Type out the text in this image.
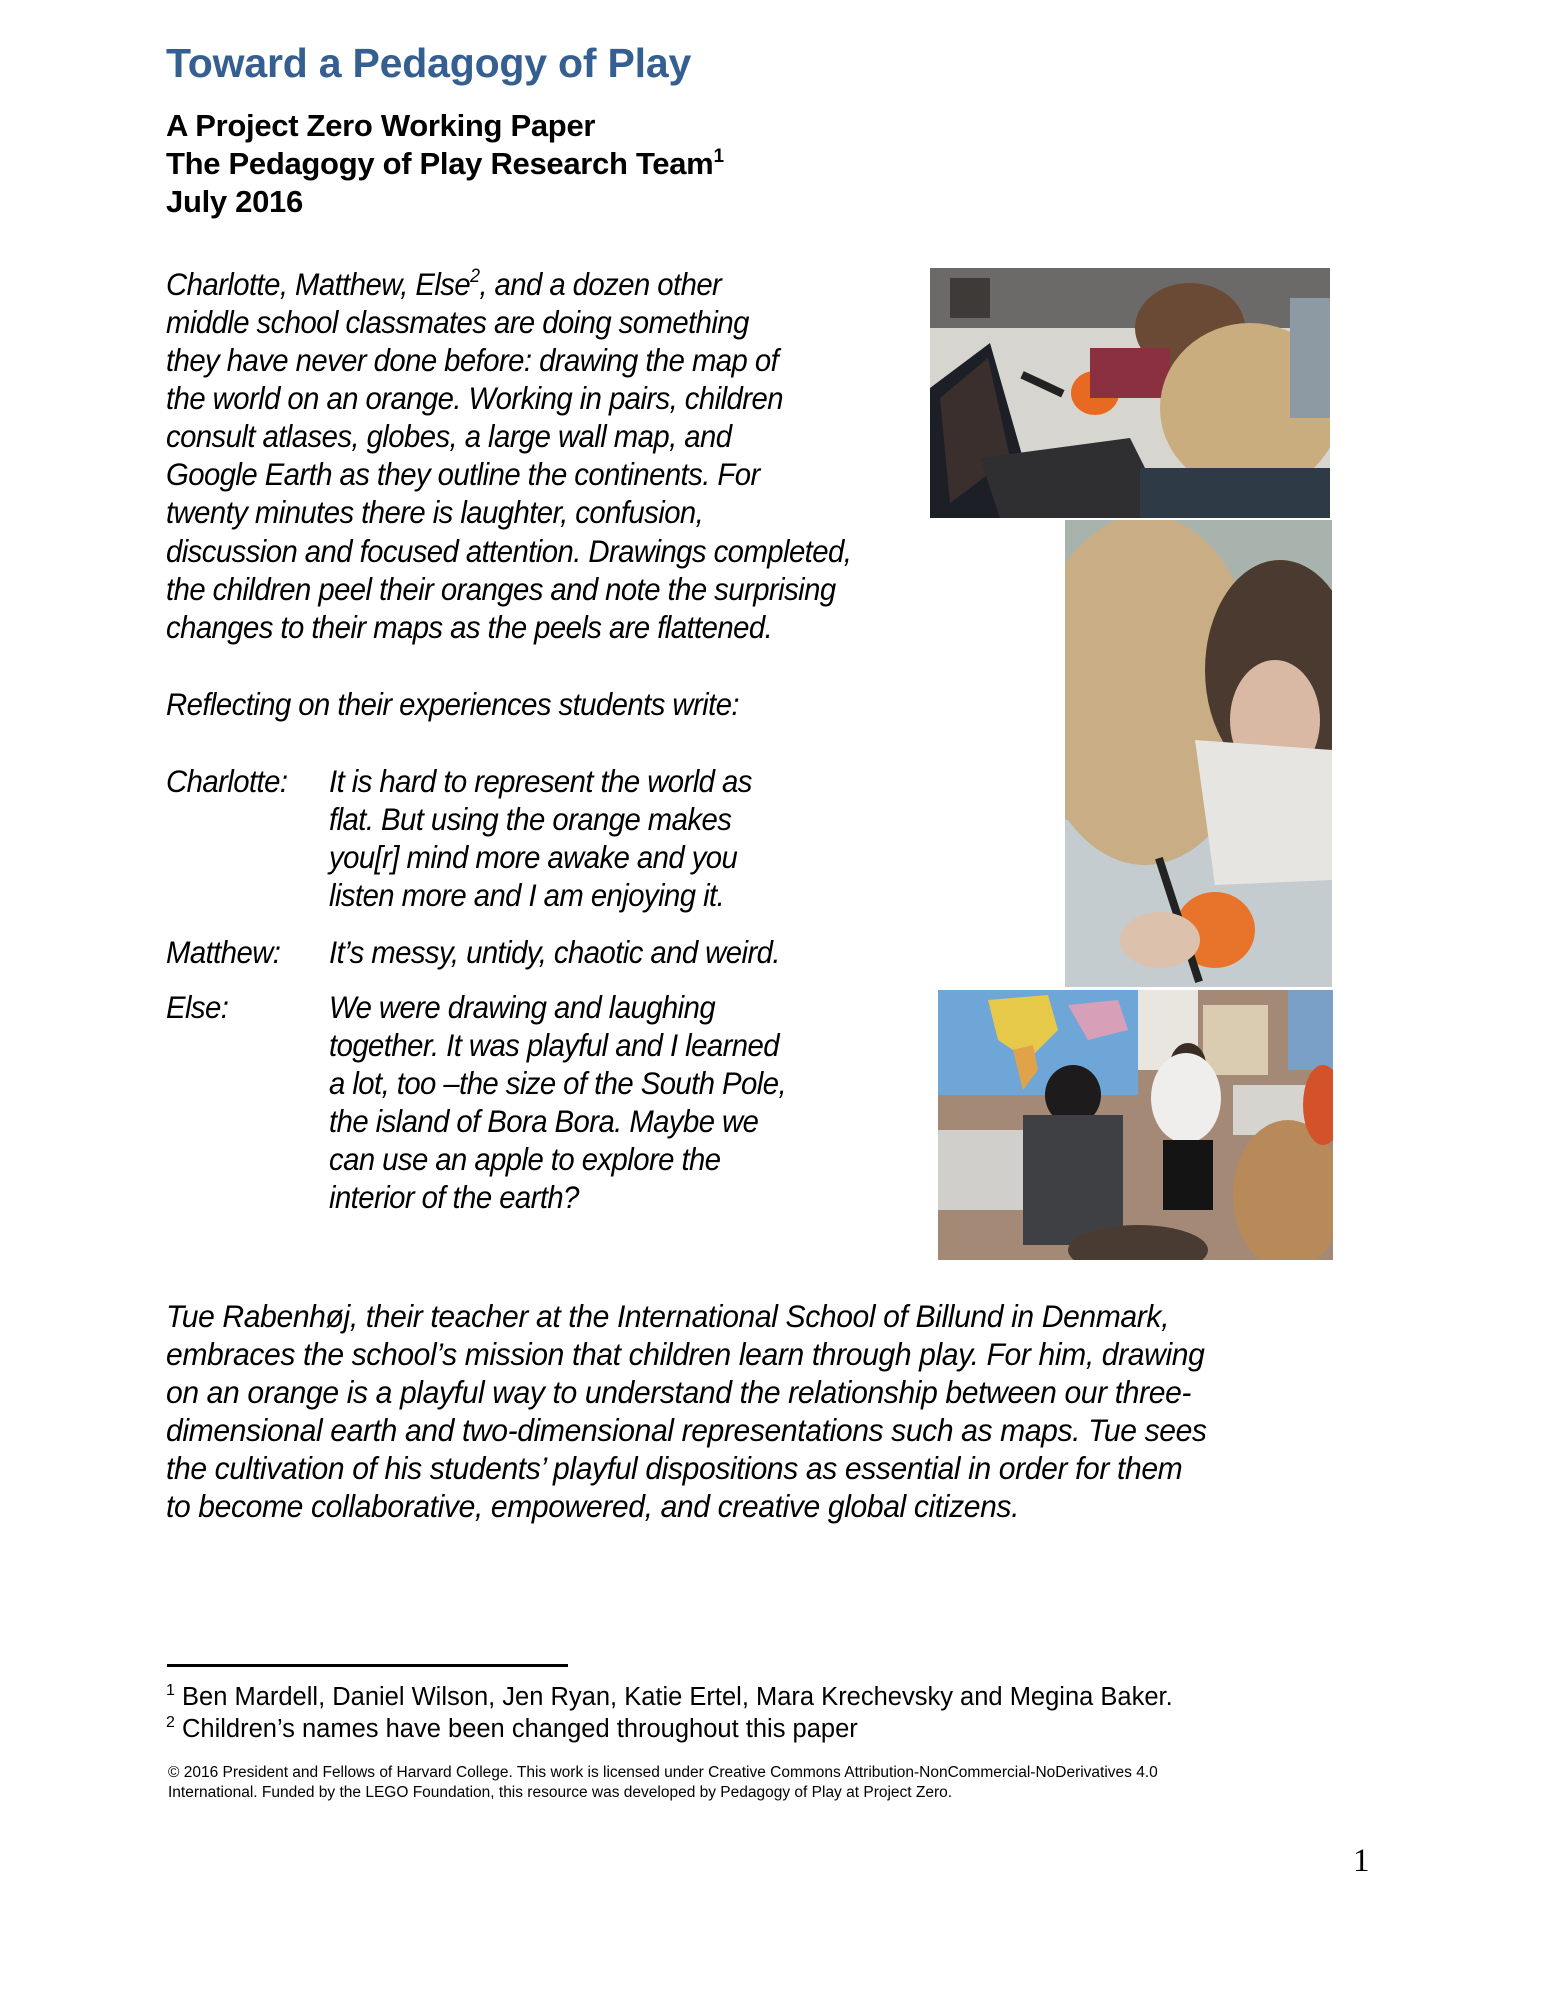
Toward a Pedagogy of Play
A Project Zero Working Paper
The Pedagogy of Play Research Team$^1$
July 2016
Charlotte, Matthew, Else$^2$, and a dozen other
middle school classmates are doing something
they have never done before: drawing the map of
the world on an orange. Working in pairs, children
consult atlases, globes, a large wall map, and
Google Earth as they outline the continents. For
twenty minutes there is laughter, confusion,
discussion and focused attention. Drawings completed,
the children peel their oranges and note the surprising
changes to their maps as the peels are flattened.
Reflecting on their experiences students write:
Charlotte: It is hard to represent the world as
flat. But using the orange makes
you[r] mind more awake and you
listen more and I am enjoying it.
Matthew: It’s messy, untidy, chaotic and weird.
Else:	We were drawing and laughing
together. It was playful and I learned
a lot, too –the size of the South Pole,
the island of Bora Bora. Maybe we
can use an apple to explore the
interior of the earth?
Tue Rabenhøj, their teacher at the International School of Billund in Denmark,
embraces the school’s mission that children learn through play. For him, drawing
on an orange is a playful way to understand the relationship between our three-
dimensional earth and two-dimensional representations such as maps. Tue sees
the cultivation of his students’ playful dispositions as essential in order for them
to become collaborative, empowered, and creative global citizens.
$^1$ Ben Mardell, Daniel Wilson, Jen Ryan, Katie Ertel, Mara Krechevsky and Megina Baker.
$^2$ Children’s names have been changed throughout this paper
© 2016 President and Fellows of Harvard College. This work is licensed under Creative Commons Attribution-NonCommercial-NoDerivatives 4.0
International. Funded by the LEGO Foundation, this resource was developed by Pedagogy of Play at Project Zero.
1
